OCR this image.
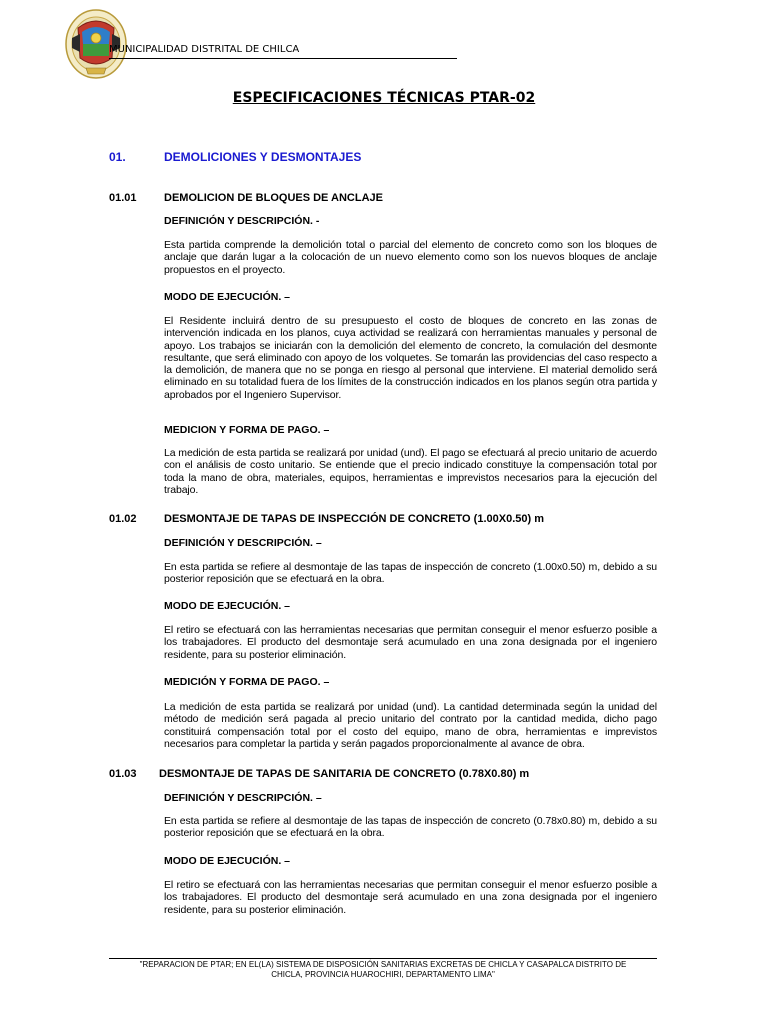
MUNICIPALIDAD DISTRITAL DE CHILCA
ESPECIFICACIONES TÉCNICAS PTAR-02
01.	DEMOLICIONES Y DESMONTAJES
01.01 DEMOLICION DE BLOQUES DE ANCLAJE
DEFINICIÓN Y DESCRIPCIÓN. -
Esta partida comprende la demolición total o parcial del elemento de concreto como son los bloques de anclaje que darán lugar a la colocación de un nuevo elemento como son los nuevos bloques de anclaje propuestos en el proyecto.
MODO DE EJECUCIÓN. –
El Residente incluirá dentro de su presupuesto el costo de bloques de concreto en las zonas de intervención indicada en los planos, cuya actividad se realizará con herramientas manuales y personal de apoyo. Los trabajos se iniciarán con la demolición del elemento de concreto, la comulación del desmonte resultante, que será eliminado con apoyo de los volquetes. Se tomarán las providencias del caso respecto a la demolición, de manera que no se ponga en riesgo al personal que interviene. El material demolido será eliminado en su totalidad fuera de los límites de la construcción indicados en los planos según otra partida y aprobados por el Ingeniero Supervisor.
MEDICION Y FORMA DE PAGO. –
La medición de esta partida se realizará por unidad (und). El pago se efectuará al precio unitario de acuerdo con el análisis de costo unitario. Se entiende que el precio indicado constituye la compensación total por toda la mano de obra, materiales, equipos, herramientas e imprevistos necesarios para la ejecución del trabajo.
01.02 DESMONTAJE DE TAPAS DE INSPECCIÓN DE CONCRETO (1.00X0.50) m
DEFINICIÓN Y DESCRIPCIÓN. –
En esta partida se refiere al desmontaje de las tapas de inspección de concreto (1.00x0.50) m, debido a su posterior reposición que se efectuará en la obra.
MODO DE EJECUCIÓN. –
El retiro se efectuará con las herramientas necesarias que permitan conseguir el menor esfuerzo posible a los trabajadores. El producto del desmontaje será acumulado en una zona designada por el ingeniero residente, para su posterior eliminación.
MEDICIÓN Y FORMA DE PAGO. –
La medición de esta partida se realizará por unidad (und). La cantidad determinada según la unidad del método de medición será pagada al precio unitario del contrato por la cantidad medida, dicho pago constituirá compensación total por el costo del equipo, mano de obra, herramientas e imprevistos necesarios para completar la partida y serán pagados proporcionalmente al avance de obra.
01.03 DESMONTAJE DE TAPAS DE SANITARIA DE CONCRETO (0.78X0.80) m
DEFINICIÓN Y DESCRIPCIÓN. –
En esta partida se refiere al desmontaje de las tapas de inspección de concreto (0.78x0.80) m, debido a su posterior reposición que se efectuará en la obra.
MODO DE EJECUCIÓN. –
El retiro se efectuará con las herramientas necesarias que permitan conseguir el menor esfuerzo posible a los trabajadores. El producto del desmontaje será acumulado en una zona designada por el ingeniero residente, para su posterior eliminación.
"REPARACION DE PTAR; EN EL(LA) SISTEMA DE DISPOSICIÓN SANITARIAS EXCRETAS DE CHICLA Y CASAPALCA DISTRITO DE
CHICLA, PROVINCIA HUAROCHIRI, DEPARTAMENTO LIMA"
